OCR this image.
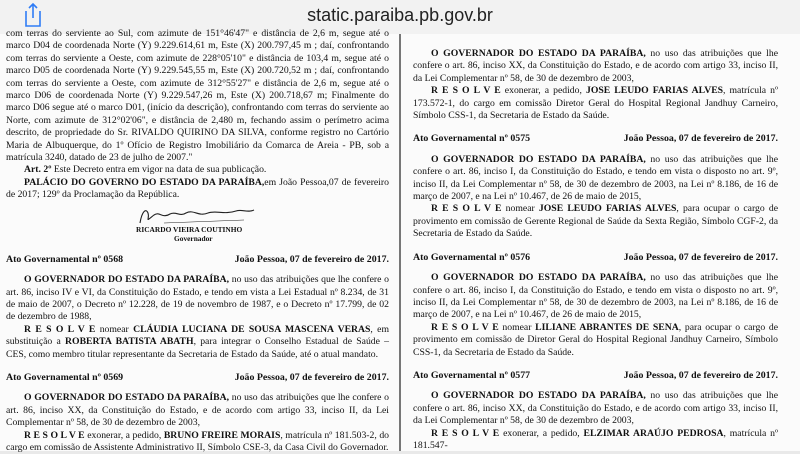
static.paraiba.pb.gov.br

com terras do serviente ao Sul, com azimute de 151°46'47" e distância de 2,6 m, segue até o marco D04 de coordenada Norte (Y) 9.229.614,61 m, Este (X) 200.797,45 m ; daí, confrontando com terras do serviente a Oeste, com azimute de 228°05'10" e distância de 103,4 m, segue até o marco D05 de coordenada Norte (Y) 9.229.545,55 m, Este (X) 200.720,52 m ; daí, confrontando com terras do serviente a Oeste, com azimute de 312°55'27" e distância de 2,6 m, segue até o marco D06 de coordenada Norte (Y) 9.229.547,26 m, Este (X) 200.718,67 m; Finalmente do marco D06 segue até o marco D01, (início da descrição), confrontando com terras do serviente ao Norte, com azimute de 312°02'06", e distância de 2,480 m, fechando assim o perímetro acima descrito, de propriedade do Sr. RIVALDO QUIRINO DA SILVA, conforme registro no Cartório Maria de Albuquerque, do 1º Ofício de Registro Imobiliário da Comarca de Areia - PB, sob a matrícula 3240, datado de 23 de julho de 2007."

Art. 2º Este Decreto entra em vigor na data de sua publicação.

PALÁCIO DO GOVERNO DO ESTADO DA PARAÍBA,em João Pessoa,07 de fevereiro de 2017; 129º da Proclamação da República.

RICARDO VIEIRA COUTINHO
Governador
Ato Governamental nº 0568	João Pessoa, 07 de fevereiro de 2017.

O GOVERNADOR DO ESTADO DA PARAÍBA, no uso das atribuições que lhe confere o art. 86, inciso IV e VI, da Constituição do Estado, e tendo em vista a Lei Estadual nº 8.234, de 31 de maio de 2007, o Decreto nº 12.228, de 19 de novembro de 1987, e o Decreto nº 17.799, de 02 de dezembro de 1988,

R E S O L V E nomear CLÁUDIA LUCIANA DE SOUSA MASCENA VERAS, em substituição a ROBERTA BATISTA ABATH, para integrar o Conselho Estadual de Saúde – CES, como membro titular representante da Secretaria de Estado da Saúde, até o atual mandato.

Ato Governamental nº 0569	João Pessoa, 07 de fevereiro de 2017.

O GOVERNADOR DO ESTADO DA PARAÍBA, no uso das atribuições que lhe confere o art. 86, inciso XX, da Constituição do Estado, e de acordo com artigo 33, inciso II, da Lei Complementar nº 58, de 30 de dezembro de 2003,

R E S O L V E exonerar, a pedido, BRUNO FREIRE MORAIS, matrícula nº 181.503-2, do cargo em comissão de Assistente Administrativo II, Símbolo CSE-3, da Casa Civil do Governador.

O GOVERNADOR DO ESTADO DA PARAÍBA, no uso das atribuições que lhe confere o art. 86, inciso XX, da Constituição do Estado, e de acordo com artigo 33, inciso II, da Lei Complementar nº 58, de 30 de dezembro de 2003,

R E S O L V E exonerar, a pedido, JOSE LEUDO FARIAS ALVES, matrícula nº 173.572-1, do cargo em comissão Diretor Geral do Hospital Regional Jandhuy Carneiro, Símbolo CSS-1, da Secretaria de Estado da Saúde.

Ato Governamental nº 0575	João Pessoa, 07 de fevereiro de 2017.

O GOVERNADOR DO ESTADO DA PARAÍBA, no uso das atribuições que lhe confere o art. 86, inciso I, da Constituição do Estado, e tendo em vista o disposto no art. 9º, inciso II, da Lei Complementar nº 58, de 30 de dezembro de 2003, na Lei nº 8.186, de 16 de março de 2007, e na Lei nº 10.467, de 26 de maio de 2015,

R E S O L V E nomear JOSE LEUDO FARIAS ALVES, para ocupar o cargo de provimento em comissão de Gerente Regional de Saúde da Sexta Região, Símbolo CGF-2, da Secretaria de Estado da Saúde.

Ato Governamental nº 0576	João Pessoa, 07 de fevereiro de 2017.

O GOVERNADOR DO ESTADO DA PARAÍBA, no uso das atribuições que lhe confere o art. 86, inciso I, da Constituição do Estado, e tendo em vista o disposto no art. 9º, inciso II, da Lei Complementar nº 58, de 30 de dezembro de 2003, na Lei nº 8.186, de 16 de março de 2007, e na Lei nº 10.467, de 26 de maio de 2015,

R E S O L V E nomear LILIANE ABRANTES DE SENA, para ocupar o cargo de provimento em comissão de Diretor Geral do Hospital Regional Jandhuy Carneiro, Símbolo CSS-1, da Secretaria de Estado da Saúde.

Ato Governamental nº 0577	João Pessoa, 07 de fevereiro de 2017.

O GOVERNADOR DO ESTADO DA PARAÍBA, no uso das atribuições que lhe confere o art. 86, inciso XX, da Constituição do Estado, e de acordo com artigo 33, inciso II, da Lei Complementar nº 58, de 30 de dezembro de 2003,

R E S O L V E exonerar, a pedido, ELZIMAR ARAÚJO PEDROSA, matrícula nº 181.547-
